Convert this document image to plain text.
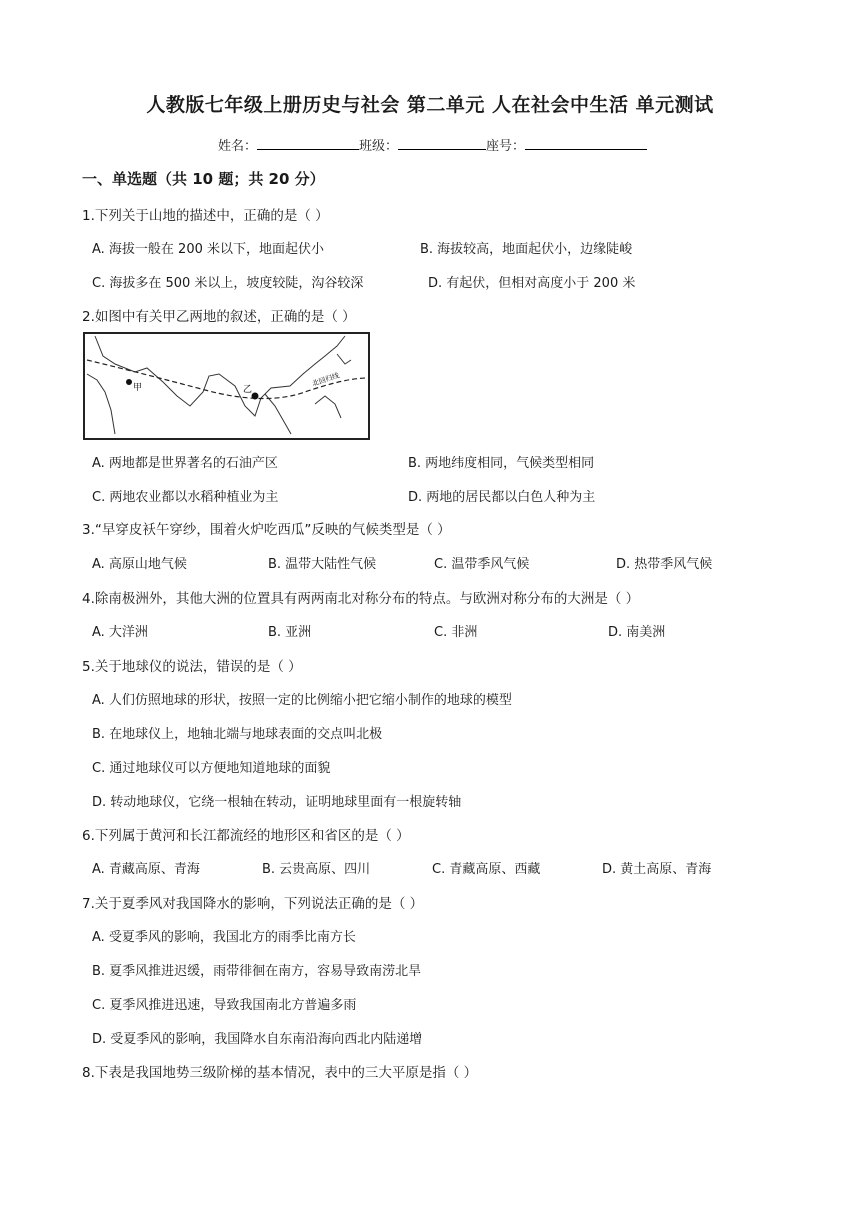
人教版七年级上册历史与社会 第二单元 人在社会中生活 单元测试
姓名：	班级：	座号：
一、单选题（共 10 题；共 20 分）
1.下列关于山地的描述中，正确的是（ ）
A. 海拔一般在 200 米以下，地面起伏小	B. 海拔较高，地面起伏小，边缘陡峻
C. 海拔多在 500 米以上，坡度较陡，沟谷较深	D. 有起伏，但相对高度小于 200 米
2.如图中有关甲乙两地的叙述，正确的是（ ）
甲	乙
北回归线
A. 两地都是世界著名的石油产区	B. 两地纬度相同，气候类型相同
C. 两地农业都以水稻种植业为主	D. 两地的居民都以白色人种为主
3.“早穿皮袄午穿纱，围着火炉吃西瓜”反映的气候类型是（ ）
A. 高原山地气候	B. 温带大陆性气候	C. 温带季风气候	D. 热带季风气候
4.除南极洲外，其他大洲的位置具有两两南北对称分布的特点。与欧洲对称分布的大洲是（ ）
A. 大洋洲	B. 亚洲	C. 非洲	D. 南美洲
5.关于地球仪的说法，错误的是（ ）
A. 人们仿照地球的形状，按照一定的比例缩小把它缩小制作的地球的模型
B. 在地球仪上，地轴北端与地球表面的交点叫北极
C. 通过地球仪可以方便地知道地球的面貌
D. 转动地球仪，它绕一根轴在转动，证明地球里面有一根旋转轴
6.下列属于黄河和长江都流经的地形区和省区的是（ ）
A. 青藏高原、青海	B. 云贵高原、四川	C. 青藏高原、西藏	D. 黄土高原、青海
7.关于夏季风对我国降水的影响，下列说法正确的是（ ）
A. 受夏季风的影响，我国北方的雨季比南方长
B. 夏季风推进迟缓，雨带徘徊在南方，容易导致南涝北旱
C. 夏季风推进迅速，导致我国南北方普遍多雨
D. 受夏季风的影响，我国降水自东南沿海向西北内陆递增
8.下表是我国地势三级阶梯的基本情况，表中的三大平原是指（ ）
